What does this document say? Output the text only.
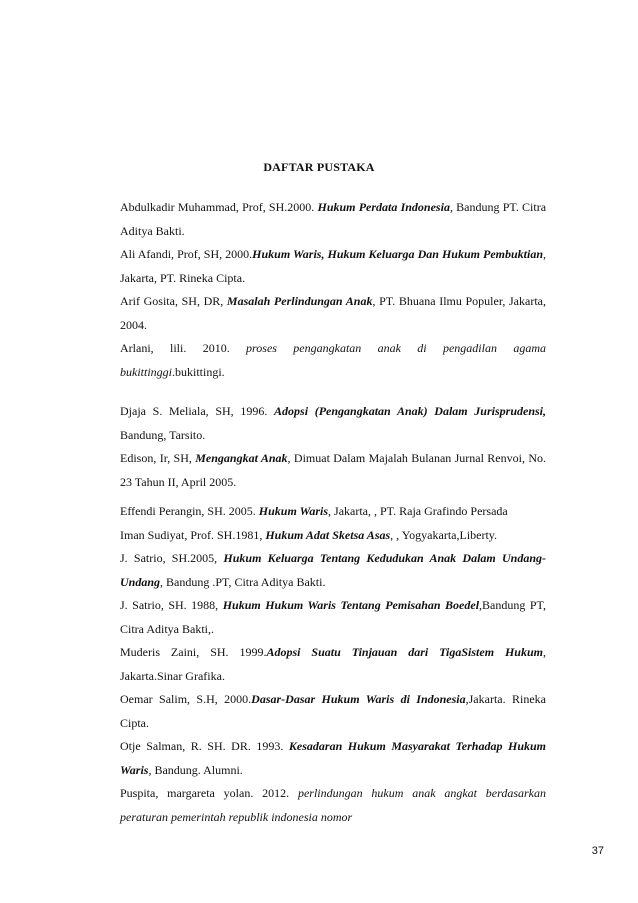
DAFTAR PUSTAKA

Abdulkadir Muhammad, Prof, SH.2000. Hukum Perdata Indonesia, Bandung PT. Citra Aditya Bakti.

Ali Afandi, Prof, SH, 2000.Hukum Waris, Hukum Keluarga Dan Hukum Pembuktian, Jakarta, PT. Rineka Cipta.

Arif Gosita, SH, DR, Masalah Perlindungan Anak, PT. Bhuana Ilmu Populer, Jakarta, 2004.

Arlani, lili. 2010. proses pengangkatan anak di pengadilan agama bukittinggi.bukittingi.

Djaja S. Meliala, SH, 1996. Adopsi (Pengangkatan Anak) Dalam Jurisprudensi, Bandung, Tarsito.

Edison, Ir, SH, Mengangkat Anak, Dimuat Dalam Majalah Bulanan Jurnal Renvoi, No. 23 Tahun II, April 2005.

Effendi Perangin, SH. 2005. Hukum Waris, Jakarta, , PT. Raja Grafindo Persada

Iman Sudiyat, Prof. SH.1981, Hukum Adat Sketsa Asas, , Yogyakarta,Liberty.

J. Satrio, SH.2005, Hukum Keluarga Tentang Kedudukan Anak Dalam Undang-Undang, Bandung .PT, Citra Aditya Bakti.

J. Satrio, SH. 1988, Hukum Hukum Waris Tentang Pemisahan Boedel,Bandung PT, Citra Aditya Bakti,.

Muderis Zaini, SH. 1999.Adopsi Suatu Tinjauan dari TigaSistem Hukum, Jakarta.Sinar Grafika.

Oemar Salim, S.H, 2000.Dasar-Dasar Hukum Waris di Indonesia,Jakarta. Rineka Cipta.

Otje Salman, R. SH. DR. 1993. Kesadaran Hukum Masyarakat Terhadap Hukum Waris, Bandung. Alumni.

Puspita, margareta yolan. 2012. perlindungan hukum anak angkat berdasarkan peraturan pemerintah republik indonesia nomor

37
